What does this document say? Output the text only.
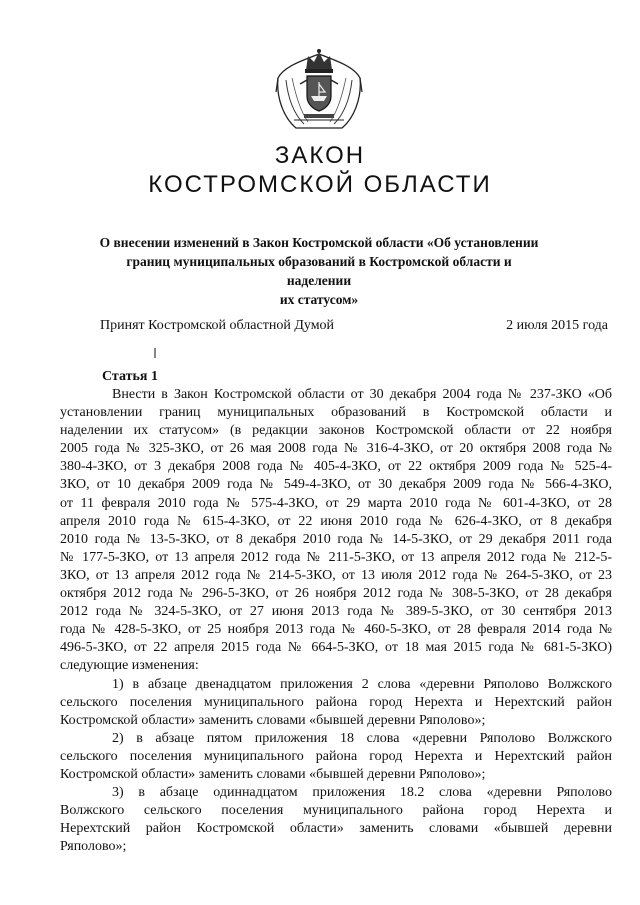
ЗАКОН
КОСТРОМСКОЙ ОБЛАСТИ
О внесении изменений в Закон Костромской области «Об установлении
границ муниципальных образований в Костромской области и наделении
их статусом»
Принят Костромской областной Думой	2 июля 2015 года
Статья 1
Внести в Закон Костромской области от 30 декабря 2004 года № 237-ЗКО «Об
установлении границ муниципальных образований в Костромской области и
наделении их статусом» (в редакции законов Костромской области от 22 ноября
2005 года № 325-ЗКО, от 26 мая 2008 года № 316-4-ЗКО, от 20 октября 2008 года №
380-4-ЗКО, от 3 декабря 2008 года № 405-4-ЗКО, от 22 октября 2009 года № 525-4-
ЗКО, от 10 декабря 2009 года № 549-4-ЗКО, от 30 декабря 2009 года № 566-4-ЗКО,
от 11 февраля 2010 года № 575-4-ЗКО, от 29 марта 2010 года № 601-4-ЗКО, от 28
апреля 2010 года № 615-4-ЗКО, от 22 июня 2010 года № 626-4-ЗКО, от 8 декабря
2010 года № 13-5-ЗКО, от 8 декабря 2010 года № 14-5-ЗКО, от 29 декабря 2011 года
№ 177-5-ЗКО, от 13 апреля 2012 года № 211-5-ЗКО, от 13 апреля 2012 года № 212-5-
ЗКО, от 13 апреля 2012 года № 214-5-ЗКО, от 13 июля 2012 года № 264-5-ЗКО, от 23
октября 2012 года № 296-5-ЗКО, от 26 ноября 2012 года № 308-5-ЗКО, от 28 декабря
2012 года № 324-5-ЗКО, от 27 июня 2013 года № 389-5-ЗКО, от 30 сентября 2013
года № 428-5-ЗКО, от 25 ноября 2013 года № 460-5-ЗКО, от 28 февраля 2014 года №
496-5-ЗКО, от 22 апреля 2015 года № 664-5-ЗКО, от 18 мая 2015 года № 681-5-ЗКО)
следующие изменения:
1) в абзаце двенадцатом приложения 2 слова «деревни Ряполово Волжского
сельского поселения муниципального района город Нерехта и Нерехтский район
Костромской области» заменить словами «бывшей деревни Ряполово»;
2) в абзаце пятом приложения 18 слова «деревни Ряполово Волжского
сельского поселения муниципального района город Нерехта и Нерехтский район
Костромской области» заменить словами «бывшей деревни Ряполово»;
3) в абзаце одиннадцатом приложения 18.2 слова «деревни Ряполово
Волжского сельского поселения муниципального района город Нерехта и
Нерехтский район Костромской области» заменить словами «бывшей деревни
Ряполово»;
